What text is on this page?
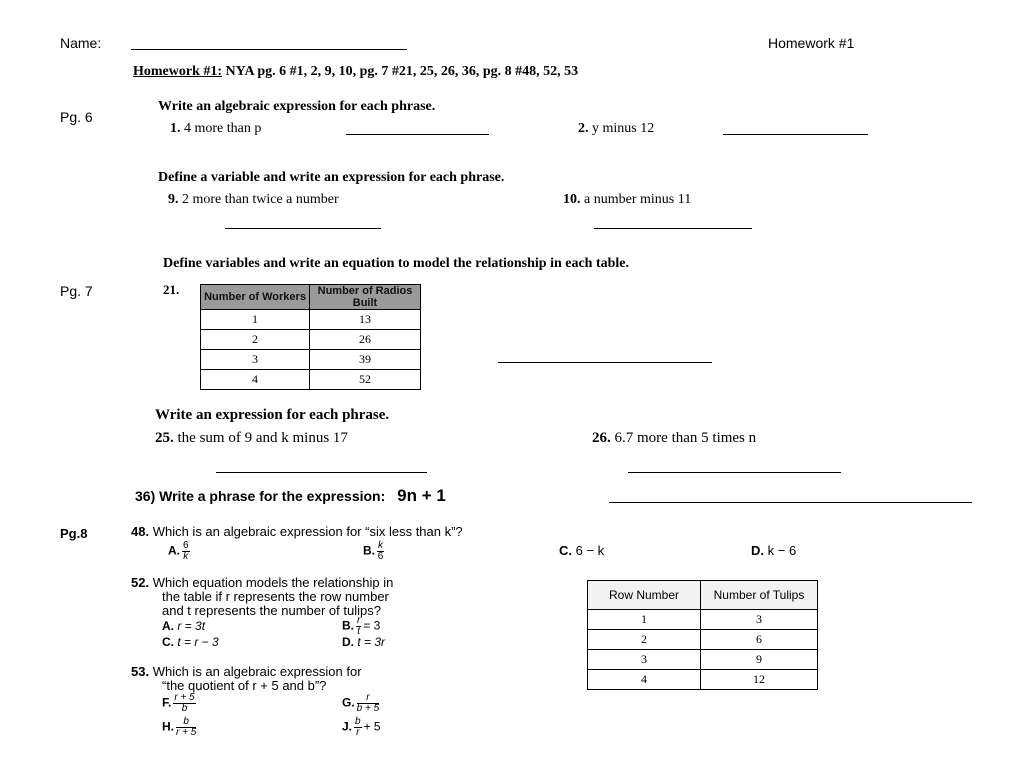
Name:	Homework #1
Homework #1: NYA pg. 6 #1, 2, 9, 10, pg. 7 #21, 25, 26, 36, pg. 8 #48, 52, 53
Pg. 6
Pg. 7
Pg.8
Write an algebraic expression for each phrase.
1. 4 more than p	2. y minus 12
Define a variable and write an expression for each phrase.
9. 2 more than twice a number	10. a number minus 11
Define variables and write an equation to model the relationship in each table.
21. Number of Workers	Number of Radios Built
1	13
2	26
3	39
4	52
Write an expression for each phrase.
25. the sum of 9 and k minus 17	26. 6.7 more than 5 times n
36) Write a phrase for the expression: 9n + 1
48. Which is an algebraic expression for “six less than k”?
A. $\frac{6}{k}$	B. $\frac{k}{6}$	C. 6 − k	D. k − 6
52. Which equation models the relationship in
the table if r represents the row number
and t represents the number of tulips?
A. r = 3t	B. $\frac{r}{t} = 3$
C. t = r − 3	D. t = 3r
Row Number	Number of Tulips
1	3
2	6
3	9
4	12
53. Which is an algebraic expression for
“the quotient of r + 5 and b”?
F. $\frac{r + 5}{b}$	G. $\frac{r}{b + 5}$
H. $\frac{b}{r + 5}$	J. $\frac{b}{r} + 5$
